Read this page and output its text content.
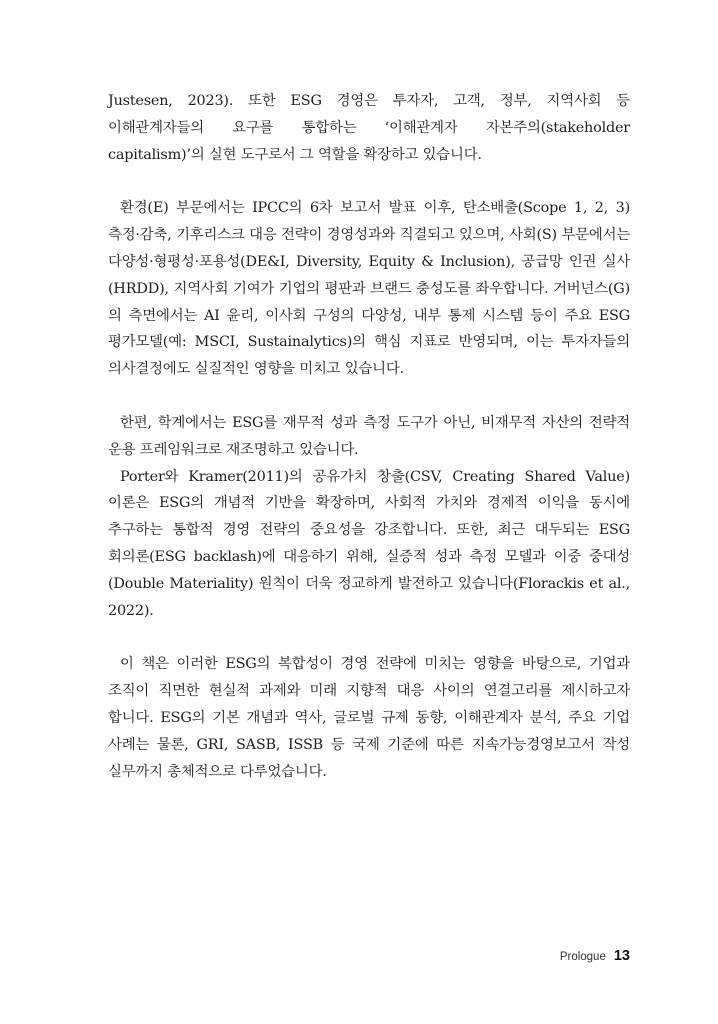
Justesen, 2023). 또한 ESG 경영은 투자자, 고객, 정부, 지역사회 등 이해관계자들의 요구를 통합하는 ‘이해관계자 자본주의(stakeholder capitalism)’의 실현 도구로서 그 역할을 확장하고 있습니다.

환경(E) 부문에서는 IPCC의 6차 보고서 발표 이후, 탄소배출(Scope 1, 2, 3) 측정·감축, 기후리스크 대응 전략이 경영성과와 직결되고 있으며, 사회(S) 부문에서는 다양성·형평성·포용성(DE&I, Diversity, Equity & Inclusion), 공급망 인권 실사(HRDD), 지역사회 기여가 기업의 평판과 브랜드 충성도를 좌우합니다. 거버넌스(G)의 측면에서는 AI 윤리, 이사회 구성의 다양성, 내부 통제 시스템 등이 주요 ESG 평가모델(예: MSCI, Sustainalytics)의 핵심 지표로 반영되며, 이는 투자자들의 의사결정에도 실질적인 영향을 미치고 있습니다.

한편, 학계에서는 ESG를 재무적 성과 측정 도구가 아닌, 비재무적 자산의 전략적 운용 프레임워크로 재조명하고 있습니다.

Porter와 Kramer(2011)의 공유가치 창출(CSV, Creating Shared Value) 이론은 ESG의 개념적 기반을 확장하며, 사회적 가치와 경제적 이익을 동시에 추구하는 통합적 경영 전략의 중요성을 강조합니다. 또한, 최근 대두되는 ESG 회의론(ESG backlash)에 대응하기 위해, 실증적 성과 측정 모델과 이중 중대성(Double Materiality) 원칙이 더욱 정교하게 발전하고 있습니다(Florackis et al., 2022).

이 책은 이러한 ESG의 복합성이 경영 전략에 미치는 영향을 바탕으로, 기업과 조직이 직면한 현실적 과제와 미래 지향적 대응 사이의 연결고리를 제시하고자 합니다. ESG의 기본 개념과 역사, 글로벌 규제 동향, 이해관계자 분석, 주요 기업 사례는 물론, GRI, SASB, ISSB 등 국제 기준에 따른 지속가능경영보고서 작성 실무까지 총체적으로 다루었습니다.

Prologue 13
